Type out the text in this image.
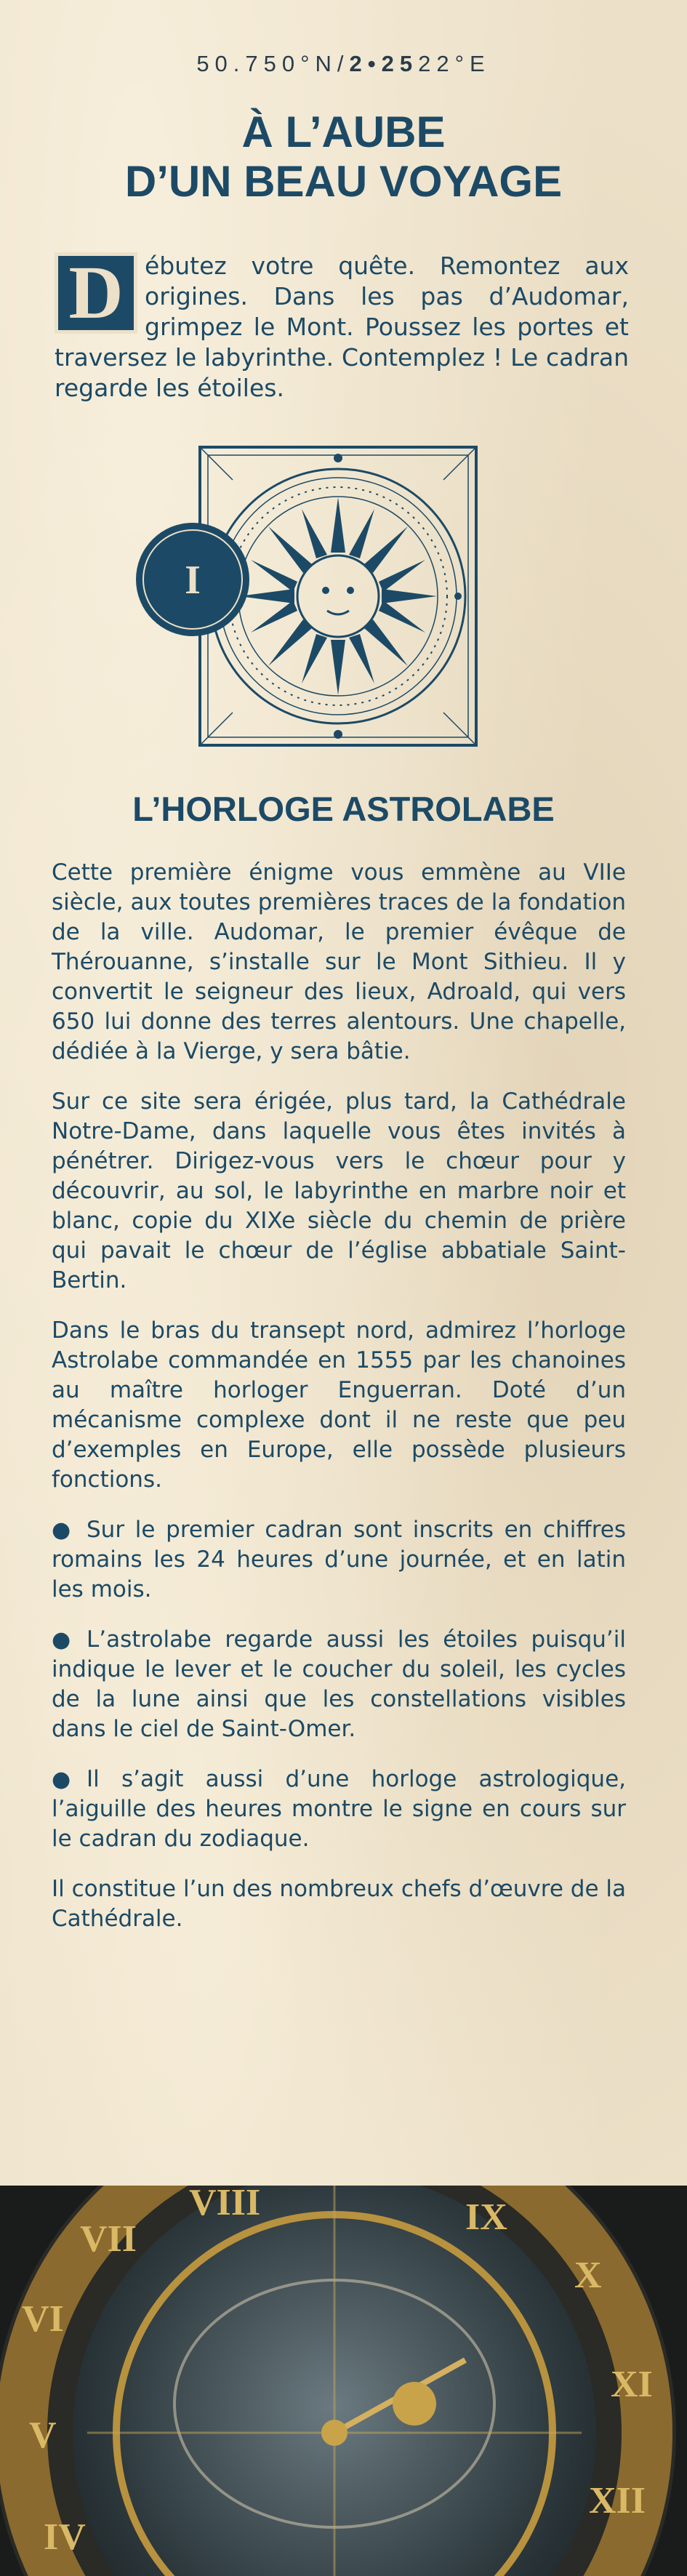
50.750°N/2•2522°E
À L’AUBE
D’UN BEAU VOYAGE
D ébutez votre quête. Remontez aux origines. Dans les pas d’Audomar, grimpez le Mont. Poussez les portes et traversez le labyrinthe. Contemplez ! Le cadran regarde les étoiles.
I
L’HORLOGE ASTROLABE

Cette première énigme vous emmène au VIIe siècle, aux toutes premières traces de la fondation de la ville. Audomar, le premier évêque de Thérouanne, s’installe sur le Mont Sithieu. Il y convertit le seigneur des lieux, Adroald, qui vers 650 lui donne des terres alentours. Une chapelle, dédiée à la Vierge, y sera bâtie.

Sur ce site sera érigée, plus tard, la Cathédrale Notre-Dame, dans laquelle vous êtes invités à pénétrer. Dirigez-vous vers le chœur pour y découvrir, au sol, le labyrinthe en marbre noir et blanc, copie du XIXe siècle du chemin de prière qui pavait le chœur de l’église abbatiale Saint-Bertin.

Dans le bras du transept nord, admirez l’horloge Astrolabe commandée en 1555 par les chanoines au maître horloger Enguerran. Doté d’un mécanisme complexe dont il ne reste que peu d’exemples en Europe, elle possède plusieurs fonctions.

● Sur le premier cadran sont inscrits en chiffres romains les 24 heures d’une journée, et en latin les mois.

● L’astrolabe regarde aussi les étoiles puisqu’il indique le lever et le coucher du soleil, les cycles de la lune ainsi que les constellations visibles dans le ciel de Saint-Omer.

● Il s’agit aussi d’une horloge astrologique, l’aiguille des heures montre le signe en cours sur le cadran du zodiaque.

Il constitue l’un des nombreux chefs d’œuvre de la Cathédrale.

VI
VII
VIII	IX
X
XI
XII
V
IV
